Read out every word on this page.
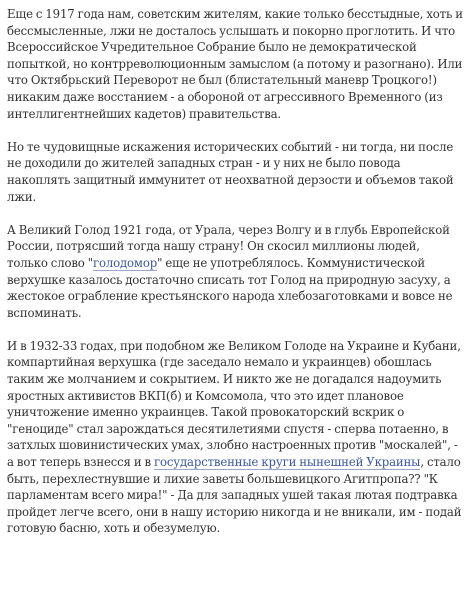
Еще с 1917 года нам, советским жителям, какие только бесстыдные, хоть и бессмысленные, лжи не досталось услышать и покорно проглотить. И что Всероссийское Учредительное Собрание было не демократической попыткой, но контрреволюционным замыслом (а потому и разогнано). Или что Октябрьский Переворот не был (блистательный маневр Троцкого!) никаким даже восстанием - а обороной от агрессивного Временного (из интеллигентнейших кадетов) правительства.

Но те чудовищные искажения исторических событий - ни тогда, ни после не доходили до жителей западных стран - и у них не было повода накоплять защитный иммунитет от неохватной дерзости и объемов такой лжи.

А Великий Голод 1921 года, от Урала, через Волгу и в глубь Европейской России, потрясший тогда нашу страну! Он скосил миллионы людей, только слово "голодомор" еще не употреблялось. Коммунистической верхушке казалось достаточно списать тот Голод на природную засуху, а жестокое ограбление крестьянского народа хлебозаготовками и вовсе не вспоминать.

И в 1932-33 годах, при подобном же Великом Голоде на Украине и Кубани, компартийная верхушка (где заседало немало и украинцев) обошлась таким же молчанием и сокрытием. И никто же не догадался надоумить яростных активистов ВКП(б) и Комсомола, что это идет плановое уничтожение именно украинцев. Такой провокаторский вскрик о "геноциде" стал зарождаться десятилетиями спустя - сперва потаенно, в затхлых шовинистических умах, злобно настроенных против "москалей", - а вот теперь взнесся и в государственные круги нынешней Украины, стало быть, перехлестнувшие и лихие заветы большевицкого Агитпропа?? "К парламентам всего мира!" - Да для западных ушей такая лютая подтравка пройдет легче всего, они в нашу историю никогда и не вникали, им - подай готовую басню, хоть и обезумелую.
